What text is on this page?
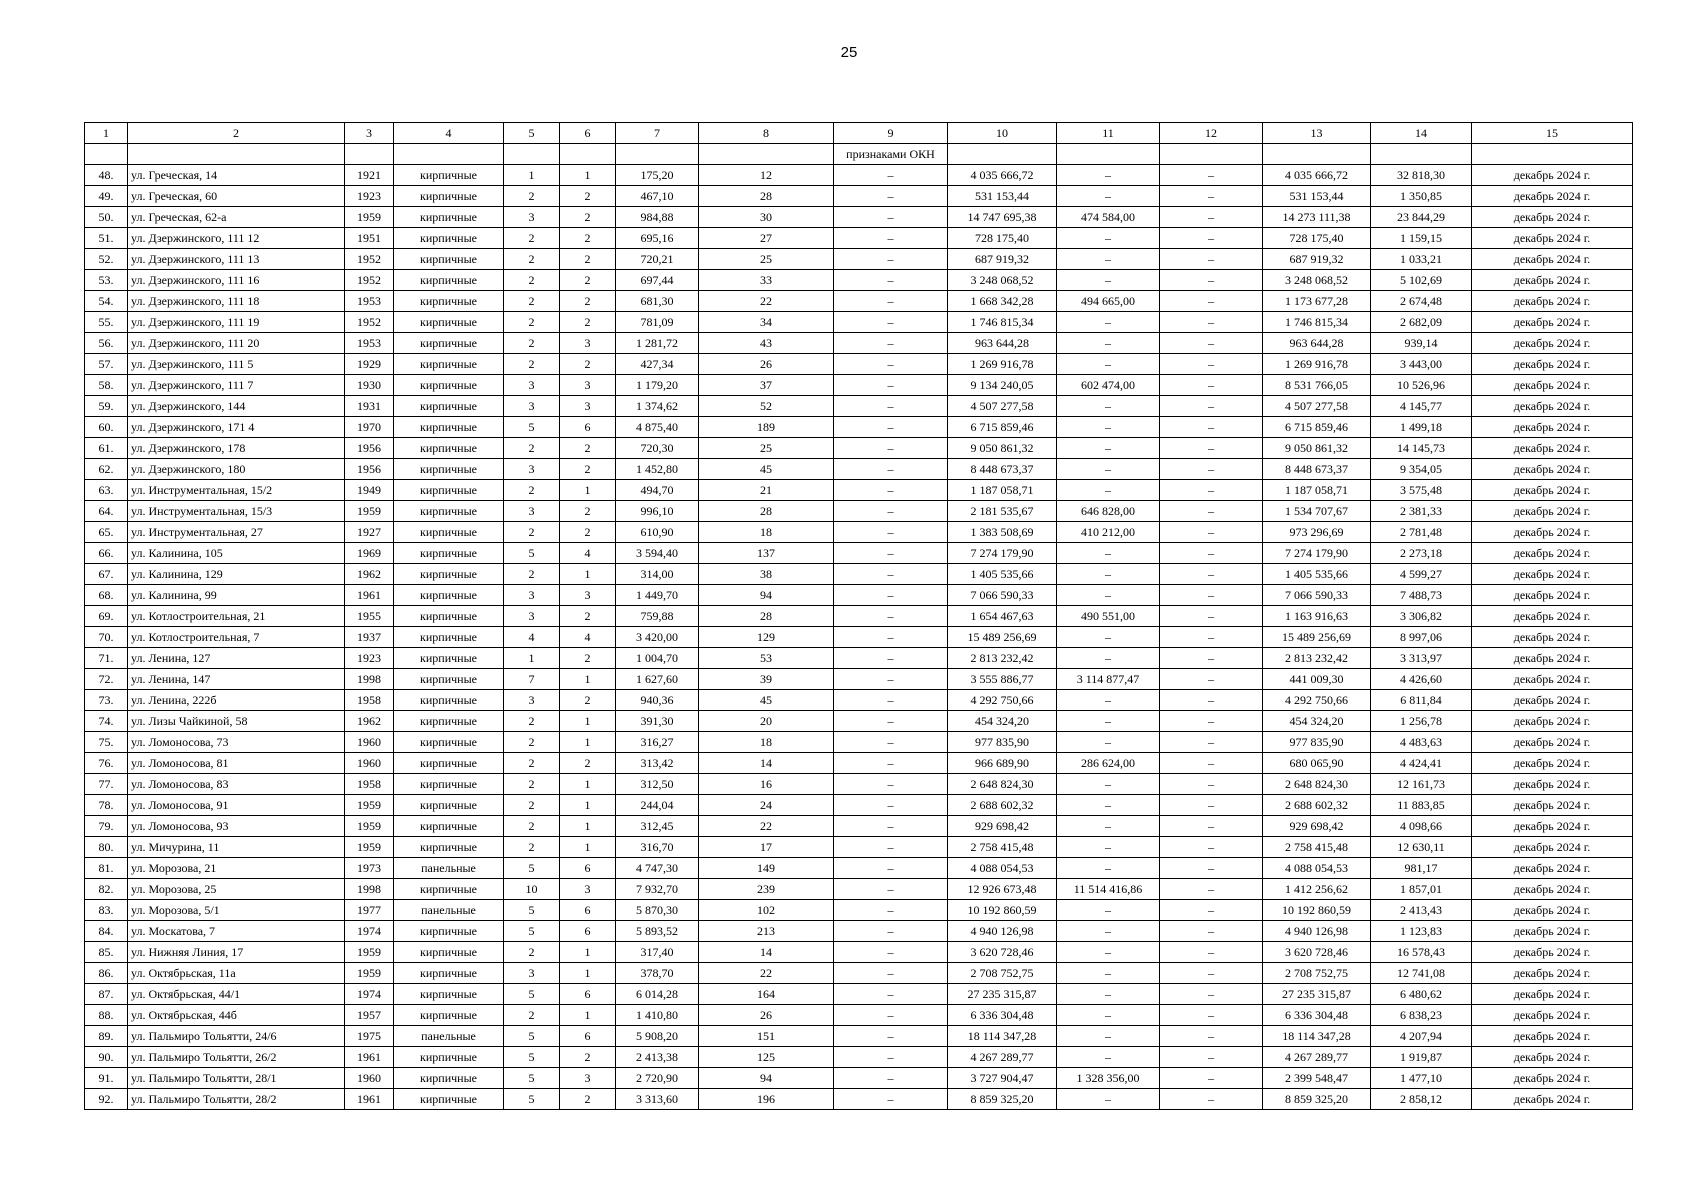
25
1	2	3	4	5	6	7	8	9	10	11	12	13	14	15
								признаками ОКН						
48.	ул. Греческая, 14	1921	кирпичные	1	1	175,20	12	–	4 035 666,72	–	–	4 035 666,72	32 818,30	декабрь 2024 г.
49.	ул. Греческая, 60	1923	кирпичные	2	2	467,10	28	–	531 153,44	–	–	531 153,44	1 350,85	декабрь 2024 г.
50.	ул. Греческая, 62-а	1959	кирпичные	3	2	984,88	30	–	14 747 695,38	474 584,00	–	14 273 111,38	23 844,29	декабрь 2024 г.
51.	ул. Дзержинского, 111 12	1951	кирпичные	2	2	695,16	27	–	728 175,40	–	–	728 175,40	1 159,15	декабрь 2024 г.
52.	ул. Дзержинского, 111 13	1952	кирпичные	2	2	720,21	25	–	687 919,32	–	–	687 919,32	1 033,21	декабрь 2024 г.
53.	ул. Дзержинского, 111 16	1952	кирпичные	2	2	697,44	33	–	3 248 068,52	–	–	3 248 068,52	5 102,69	декабрь 2024 г.
54.	ул. Дзержинского, 111 18	1953	кирпичные	2	2	681,30	22	–	1 668 342,28	494 665,00	–	1 173 677,28	2 674,48	декабрь 2024 г.
55.	ул. Дзержинского, 111 19	1952	кирпичные	2	2	781,09	34	–	1 746 815,34	–	–	1 746 815,34	2 682,09	декабрь 2024 г.
56.	ул. Дзержинского, 111 20	1953	кирпичные	2	3	1 281,72	43	–	963 644,28	–	–	963 644,28	939,14	декабрь 2024 г.
57.	ул. Дзержинского, 111 5	1929	кирпичные	2	2	427,34	26	–	1 269 916,78	–	–	1 269 916,78	3 443,00	декабрь 2024 г.
58.	ул. Дзержинского, 111 7	1930	кирпичные	3	3	1 179,20	37	–	9 134 240,05	602 474,00	–	8 531 766,05	10 526,96	декабрь 2024 г.
59.	ул. Дзержинского, 144	1931	кирпичные	3	3	1 374,62	52	–	4 507 277,58	–	–	4 507 277,58	4 145,77	декабрь 2024 г.
60.	ул. Дзержинского, 171 4	1970	кирпичные	5	6	4 875,40	189	–	6 715 859,46	–	–	6 715 859,46	1 499,18	декабрь 2024 г.
61.	ул. Дзержинского, 178	1956	кирпичные	2	2	720,30	25	–	9 050 861,32	–	–	9 050 861,32	14 145,73	декабрь 2024 г.
62.	ул. Дзержинского, 180	1956	кирпичные	3	2	1 452,80	45	–	8 448 673,37	–	–	8 448 673,37	9 354,05	декабрь 2024 г.
63.	ул. Инструментальная, 15/2	1949	кирпичные	2	1	494,70	21	–	1 187 058,71	–	–	1 187 058,71	3 575,48	декабрь 2024 г.
64.	ул. Инструментальная, 15/3	1959	кирпичные	3	2	996,10	28	–	2 181 535,67	646 828,00	–	1 534 707,67	2 381,33	декабрь 2024 г.
65.	ул. Инструментальная, 27	1927	кирпичные	2	2	610,90	18	–	1 383 508,69	410 212,00	–	973 296,69	2 781,48	декабрь 2024 г.
66.	ул. Калинина, 105	1969	кирпичные	5	4	3 594,40	137	–	7 274 179,90	–	–	7 274 179,90	2 273,18	декабрь 2024 г.
67.	ул. Калинина, 129	1962	кирпичные	2	1	314,00	38	–	1 405 535,66	–	–	1 405 535,66	4 599,27	декабрь 2024 г.
68.	ул. Калинина, 99	1961	кирпичные	3	3	1 449,70	94	–	7 066 590,33	–	–	7 066 590,33	7 488,73	декабрь 2024 г.
69.	ул. Котлостроительная, 21	1955	кирпичные	3	2	759,88	28	–	1 654 467,63	490 551,00	–	1 163 916,63	3 306,82	декабрь 2024 г.
70.	ул. Котлостроительная, 7	1937	кирпичные	4	4	3 420,00	129	–	15 489 256,69	–	–	15 489 256,69	8 997,06	декабрь 2024 г.
71.	ул. Ленина, 127	1923	кирпичные	1	2	1 004,70	53	–	2 813 232,42	–	–	2 813 232,42	3 313,97	декабрь 2024 г.
72.	ул. Ленина, 147	1998	кирпичные	7	1	1 627,60	39	–	3 555 886,77	3 114 877,47	–	441 009,30	4 426,60	декабрь 2024 г.
73.	ул. Ленина, 222б	1958	кирпичные	3	2	940,36	45	–	4 292 750,66	–	–	4 292 750,66	6 811,84	декабрь 2024 г.
74.	ул. Лизы Чайкиной, 58	1962	кирпичные	2	1	391,30	20	–	454 324,20	–	–	454 324,20	1 256,78	декабрь 2024 г.
75.	ул. Ломоносова, 73	1960	кирпичные	2	1	316,27	18	–	977 835,90	–	–	977 835,90	4 483,63	декабрь 2024 г.
76.	ул. Ломоносова, 81	1960	кирпичные	2	2	313,42	14	–	966 689,90	286 624,00	–	680 065,90	4 424,41	декабрь 2024 г.
77.	ул. Ломоносова, 83	1958	кирпичные	2	1	312,50	16	–	2 648 824,30	–	–	2 648 824,30	12 161,73	декабрь 2024 г.
78.	ул. Ломоносова, 91	1959	кирпичные	2	1	244,04	24	–	2 688 602,32	–	–	2 688 602,32	11 883,85	декабрь 2024 г.
79.	ул. Ломоносова, 93	1959	кирпичные	2	1	312,45	22	–	929 698,42	–	–	929 698,42	4 098,66	декабрь 2024 г.
80.	ул. Мичурина, 11	1959	кирпичные	2	1	316,70	17	–	2 758 415,48	–	–	2 758 415,48	12 630,11	декабрь 2024 г.
81.	ул. Морозова, 21	1973	панельные	5	6	4 747,30	149	–	4 088 054,53	–	–	4 088 054,53	981,17	декабрь 2024 г.
82.	ул. Морозова, 25	1998	кирпичные	10	3	7 932,70	239	–	12 926 673,48	11 514 416,86	–	1 412 256,62	1 857,01	декабрь 2024 г.
83.	ул. Морозова, 5/1	1977	панельные	5	6	5 870,30	102	–	10 192 860,59	–	–	10 192 860,59	2 413,43	декабрь 2024 г.
84.	ул. Москатова, 7	1974	кирпичные	5	6	5 893,52	213	–	4 940 126,98	–	–	4 940 126,98	1 123,83	декабрь 2024 г.
85.	ул. Нижняя Линия, 17	1959	кирпичные	2	1	317,40	14	–	3 620 728,46	–	–	3 620 728,46	16 578,43	декабрь 2024 г.
86.	ул. Октябрьская, 11а	1959	кирпичные	3	1	378,70	22	–	2 708 752,75	–	–	2 708 752,75	12 741,08	декабрь 2024 г.
87.	ул. Октябрьская, 44/1	1974	кирпичные	5	6	6 014,28	164	–	27 235 315,87	–	–	27 235 315,87	6 480,62	декабрь 2024 г.
88.	ул. Октябрьская, 44б	1957	кирпичные	2	1	1 410,80	26	–	6 336 304,48	–	–	6 336 304,48	6 838,23	декабрь 2024 г.
89.	ул. Пальмиро Тольятти, 24/6	1975	панельные	5	6	5 908,20	151	–	18 114 347,28	–	–	18 114 347,28	4 207,94	декабрь 2024 г.
90.	ул. Пальмиро Тольятти, 26/2	1961	кирпичные	5	2	2 413,38	125	–	4 267 289,77	–	–	4 267 289,77	1 919,87	декабрь 2024 г.
91.	ул. Пальмиро Тольятти, 28/1	1960	кирпичные	5	3	2 720,90	94	–	3 727 904,47	1 328 356,00	–	2 399 548,47	1 477,10	декабрь 2024 г.
92.	ул. Пальмиро Тольятти, 28/2	1961	кирпичные	5	2	3 313,60	196	–	8 859 325,20	–	–	8 859 325,20	2 858,12	декабрь 2024 г.
